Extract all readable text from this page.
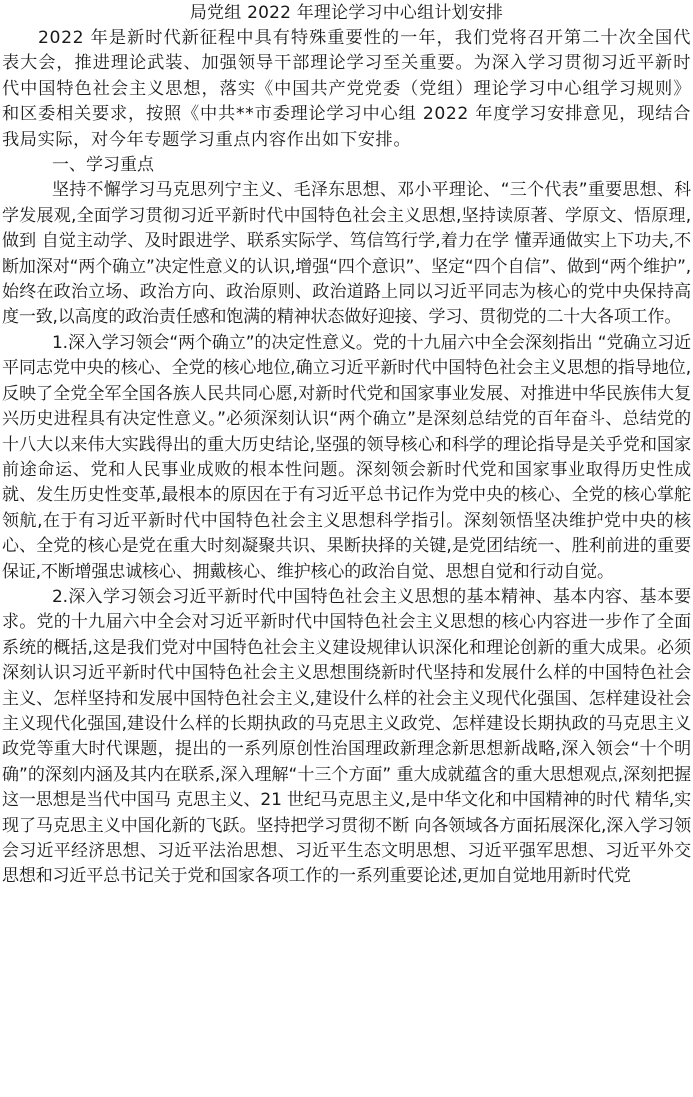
局党组 2022 年理论学习中心组计划安排

2022 年是新时代新征程中具有特殊重要性的一年，我们党将召开第二十次全国代表大会，推进理论武装、加强领导干部理论学习至关重要。为深入学习贯彻习近平新时代中国特色社会主义思想，落实《中国共产党党委（党组）理论学习中心组学习规则》和区委相关要求，按照《中共**市委理论学习中心组 2022 年度学习安排意见，现结合我局实际，对今年专题学习重点内容作出如下安排。

一、学习重点

坚持不懈学习马克思列宁主义、毛泽东思想、邓小平理论、“三个代表”重要思想、科学发展观,全面学习贯彻习近平新时代中国特色社会主义思想,坚持读原著、学原文、悟原理,做到 自觉主动学、及时跟进学、联系实际学、笃信笃行学,着力在学 懂弄通做实上下功夫,不断加深对“两个确立”决定性意义的认识,增强“四个意识”、坚定“四个自信”、做到“两个维护”, 始终在政治立场、政治方向、政治原则、政治道路上同以习近平同志为核心的党中央保持高度一致,以高度的政治责任感和饱满的精神状态做好迎接、学习、贯彻党的二十大各项工作。

1.深入学习领会“两个确立”的决定性意义。党的十九届六中全会深刻指出 “党确立习近平同志党中央的核心、全党的核心地位,确立习近平新时代中国特色社会主义思想的指导地位,反映了全党全军全国各族人民共同心愿,对新时代党和国家事业发展、对推进中华民族伟大复兴历史进程具有决定性意义。”必须深刻认识“两个确立”是深刻总结党的百年奋斗、总结党的十八大以来伟大实践得出的重大历史结论,坚强的领导核心和科学的理论指导是关乎党和国家前途命运、党和人民事业成败的根本性问题。深刻领会新时代党和国家事业取得历史性成就、发生历史性变革,最根本的原因在于有习近平总书记作为党中央的核心、全党的核心掌舵领航,在于有习近平新时代中国特色社会主义思想科学指引。深刻领悟坚决维护党中央的核心、全党的核心是党在重大时刻凝聚共识、果断抉择的关键,是党团结统一、胜利前进的重要保证,不断增强忠诚核心、拥戴核心、维护核心的政治自觉、思想自觉和行动自觉。

2.深入学习领会习近平新时代中国特色社会主义思想的基本精神、基本内容、基本要求。党的十九届六中全会对习近平新时代中国特色社会主义思想的核心内容进一步作了全面系统的概括,这是我们党对中国特色社会主义建设规律认识深化和理论创新的重大成果。必须深刻认识习近平新时代中国特色社会主义思想围绕新时代坚持和发展什么样的中国特色社会主义、怎样坚持和发展中国特色社会主义,建设什么样的社会主义现代化强国、怎样建设社会主义现代化强国,建设什么样的长期执政的马克思主义政党、怎样建设长期执政的马克思主义政党等重大时代课题，提出的一系列原创性治国理政新理念新思想新战略,深入领会“十个明确”的深刻内涵及其内在联系,深入理解“十三个方面” 重大成就蕴含的重大思想观点,深刻把握这一思想是当代中国马 克思主义、21 世纪马克思主义,是中华文化和中国精神的时代 精华,实现了马克思主义中国化新的飞跃。坚持把学习贯彻不断 向各领域各方面拓展深化,深入学习领会习近平经济思想、习近平法治思想、习近平生态文明思想、习近平强军思想、习近平外交思想和习近平总书记关于党和国家各项工作的一系列重要论述,更加自觉地用新时代党
